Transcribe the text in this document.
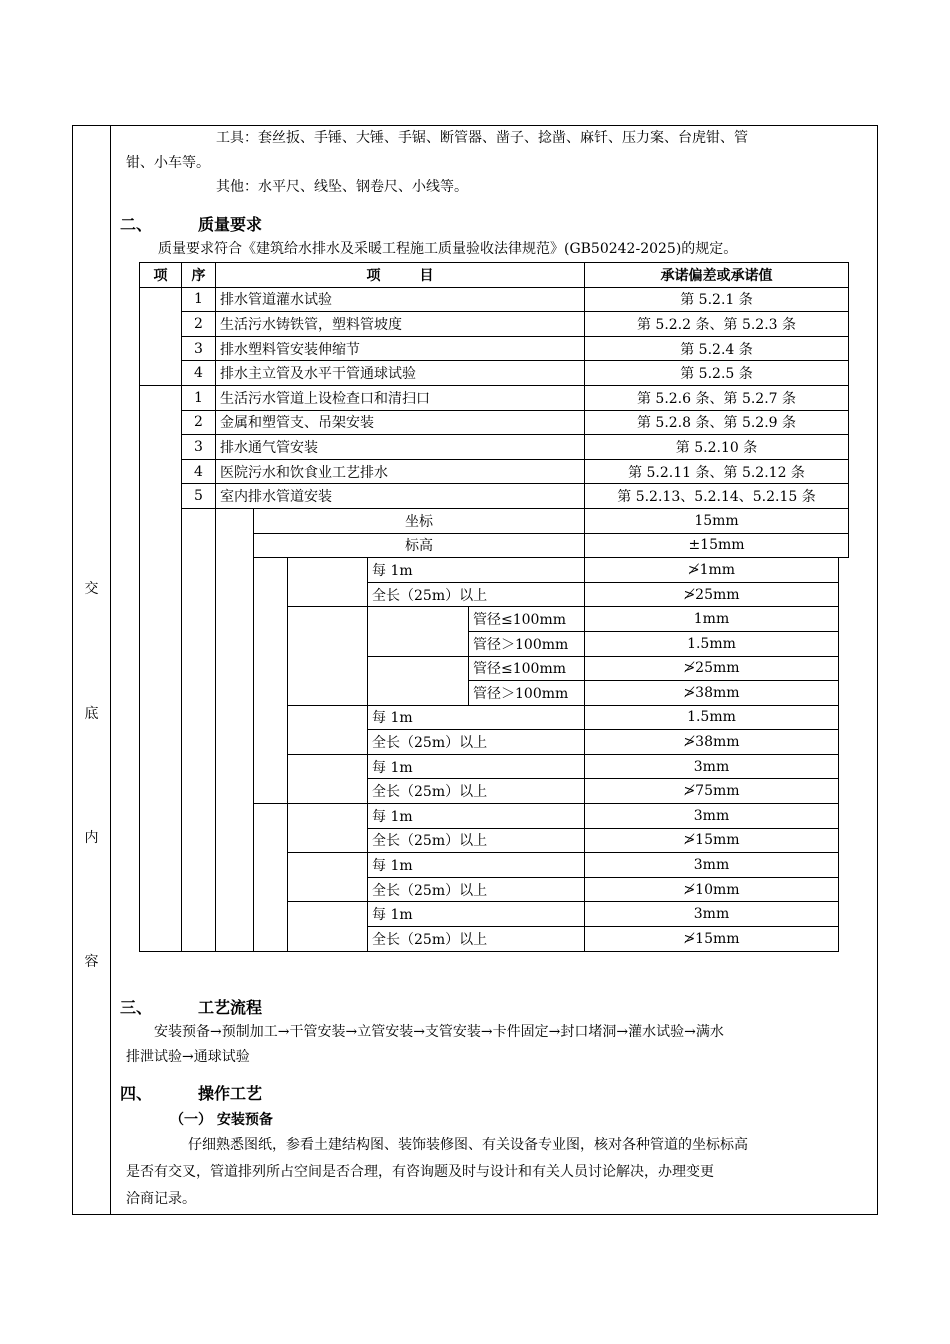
交
底
内
容
工具：套丝扳、手锤、大锤、手锯、断管器、凿子、捻凿、麻钎、压力案、台虎钳、管
钳、小车等。
其他：水平尺、线坠、钢卷尺、小线等。
二、	质量要求
质量要求符合《建筑给水排水及采暖工程施工质量验收法律规范》(GB50242-2025)的规定。
项	序	项        目					承诺偏差或承诺值	
	1	排水管道灌水试验					第 5.2.1 条	
	2	生活污水铸铁管，塑料管坡度					第 5.2.2 条、第 5.2.3 条	
	3	排水塑料管安装伸缩节					第 5.2.4 条	
	4	排水主立管及水平干管通球试验					第 5.2.5 条	
	1	生活污水管道上设检查口和清扫口					第 5.2.6 条、第 5.2.7 条	
	2	金属和塑管支、吊架安装					第 5.2.8 条、第 5.2.9 条	
	3	排水通气管安装					第 5.2.10 条	
	4	医院污水和饮食业工艺排水					第 5.2.11 条、第 5.2.12 条	
	5	室内排水管道安装					第 5.2.13、5.2.14、5.2.15 条	
			坐标				15mm	
			标高				±15mm	
					每 1m		≯1mm	
					全长（25m）以上		≯25mm	
						管径≤100mm	1mm	
						管径＞100mm	1.5mm	
						管径≤100mm	≯25mm	
						管径＞100mm	≯38mm	
					每 1m		1.5mm	
					全长（25m）以上		≯38mm	
					每 1m		3mm	
					全长（25m）以上		≯75mm	
					每 1m		3mm	
					全长（25m）以上		≯15mm	
					每 1m		3mm	
					全长（25m）以上		≯10mm	
					每 1m		3mm	
					全长（25m）以上		≯15mm	
三、	工艺流程
安装预备→预制加工→干管安装→立管安装→支管安装→卡件固定→封口堵洞→灌水试验→满水
排泄试验→通球试验
四、	操作工艺
（一） 安装预备
仔细熟悉图纸，参看土建结构图、装饰装修图、有关设备专业图，核对各种管道的坐标标高
是否有交叉，管道排列所占空间是否合理，有咨询题及时与设计和有关人员讨论解决，办理变更
洽商记录。
